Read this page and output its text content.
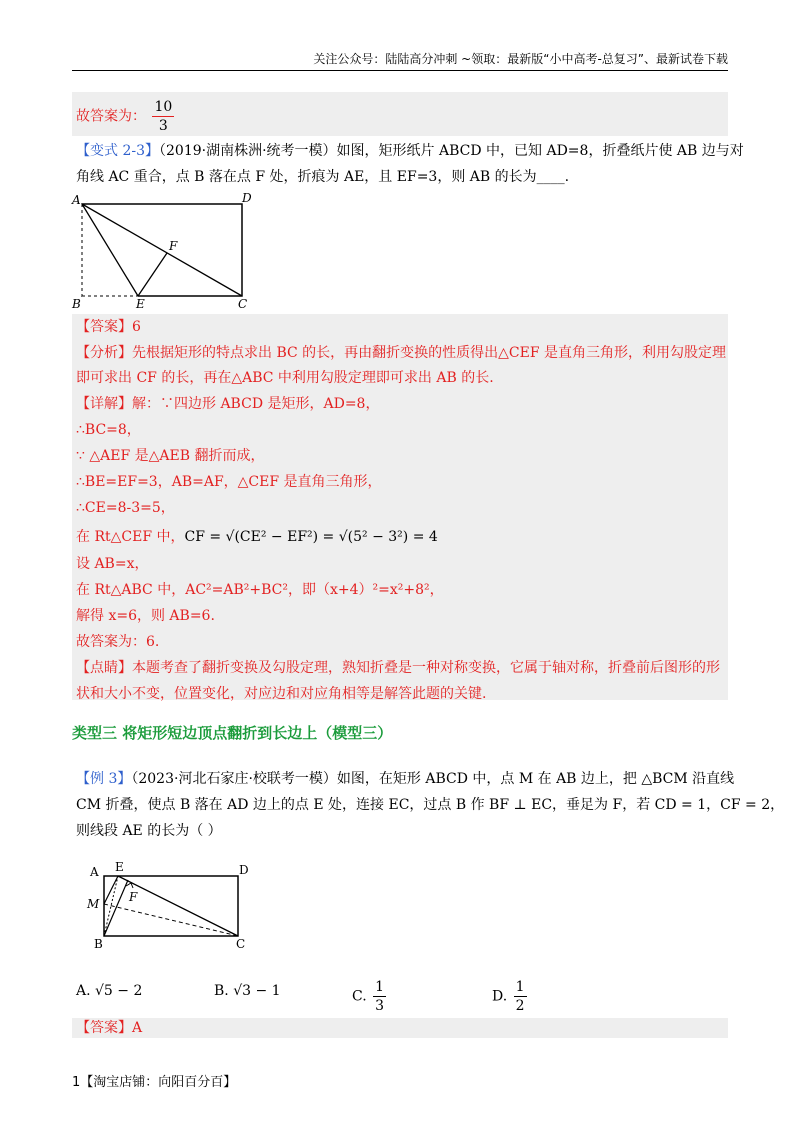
关注公众号：陆陆高分冲刺 ~领取：最新版“小中高考-总复习”、最新试卷下载
故答案为： $\frac{10}{3}$
【变式 2-3】（2019·湖南株洲·统考一模）如图，矩形纸片 ABCD 中，已知 AD=8，折叠纸片使 AB 边与对
角线 AC 重合，点 B 落在点 F 处，折痕为 AE，且 EF=3，则 AB 的长为____.
A	D
B	E	C
F
【答案】6
【分析】先根据矩形的特点求出 BC 的长，再由翻折变换的性质得出△CEF 是直角三角形，利用勾股定理
即可求出 CF 的长，再在△ABC 中利用勾股定理即可求出 AB 的长.
【详解】解：∵四边形 ABCD 是矩形，AD=8，
∴BC=8，
∵ △AEF 是△AEB 翻折而成，
∴BE=EF=3，AB=AF，△CEF 是直角三角形，
∴CE=8-3=5，
在 Rt△CEF 中，CF = √(CE² − EF²) = √(5² − 3²) = 4
设 AB=x，
在 Rt△ABC 中，AC²=AB²+BC²，即（x+4）²=x²+8²，
解得 x=6，则 AB=6.
故答案为：6.
【点睛】本题考查了翻折变换及勾股定理，熟知折叠是一种对称变换，它属于轴对称，折叠前后图形的形
状和大小不变，位置变化，对应边和对应角相等是解答此题的关键.
类型三 将矩形短边顶点翻折到长边上（模型三）
【例 3】（2023·河北石家庄·校联考一模）如图，在矩形 ABCD 中，点 M 在 AB 边上，把 △BCM 沿直线
CM 折叠，使点 B 落在 AD 边上的点 E 处，连接 EC，过点 B 作 BF ⊥ EC，垂足为 F，若 CD = 1，CF = 2，
则线段 AE 的长为（ ）
A E	D
M F
B	C
A. √5 − 2	B. √3 − 1	C. $\frac{1}{3}$	D. $\frac{1}{2}$
【答案】A
1【淘宝店铺：向阳百分百】
